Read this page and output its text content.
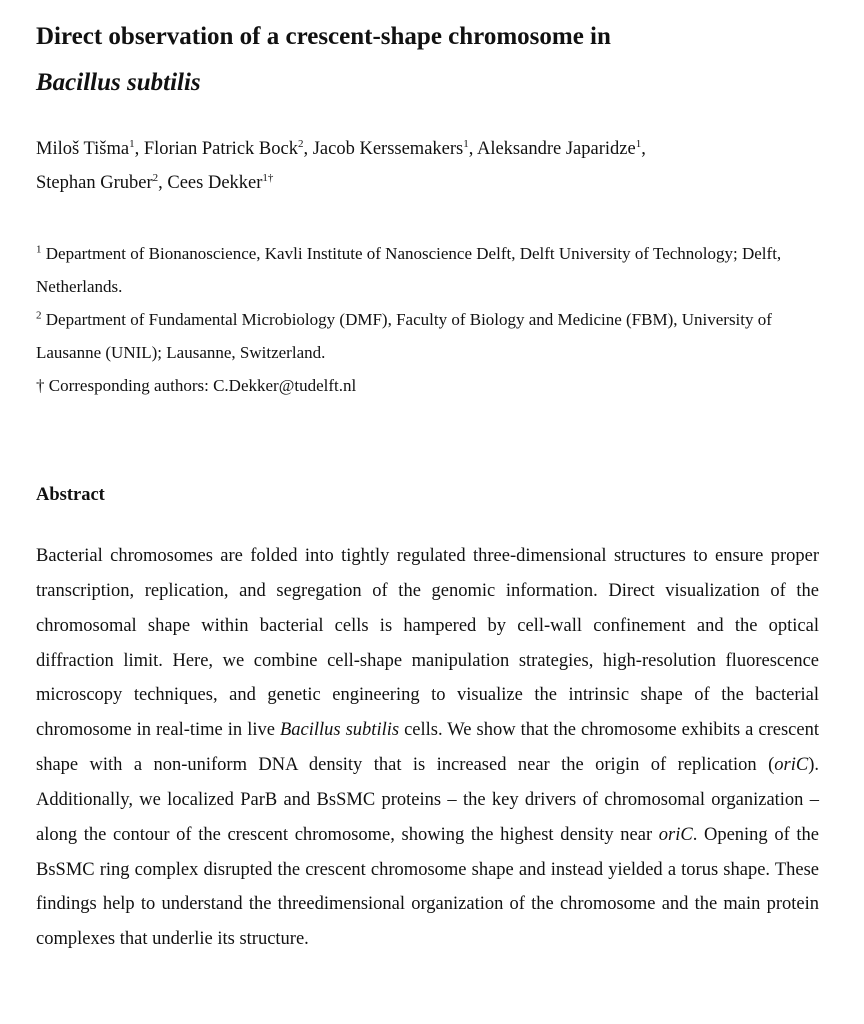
Direct observation of a crescent-shape chromosome in
Bacillus subtilis

Miloš Tišma$^1$, Florian Patrick Bock$^2$, Jacob Kerssemakers$^1$, Aleksandre Japaridze$^1$,
Stephan Gruber$^2$, Cees Dekker$^{1\dagger}$

$^1$ Department of Bionanoscience, Kavli Institute of Nanoscience Delft, Delft University of Technology; Delft, Netherlands.
$^2$ Department of Fundamental Microbiology (DMF), Faculty of Biology and Medicine (FBM), University of Lausanne (UNIL); Lausanne, Switzerland.
† Corresponding authors: C.Dekker@tudelft.nl
Abstract

Bacterial chromosomes are folded into tightly regulated three-dimensional structures to ensure proper transcription, replication, and segregation of the genomic information. Direct visualization of the chromosomal shape within bacterial cells is hampered by cell-wall confinement and the optical diffraction limit. Here, we combine cell-shape manipulation strategies, high-resolution fluorescence microscopy techniques, and genetic engineering to visualize the intrinsic shape of the bacterial chromosome in real-time in live Bacillus subtilis cells. We show that the chromosome exhibits a crescent shape with a non-uniform DNA density that is increased near the origin of replication (oriC). Additionally, we localized ParB and BsSMC proteins – the key drivers of chromosomal organization – along the contour of the crescent chromosome, showing the highest density near oriC. Opening of the BsSMC ring complex disrupted the crescent chromosome shape and instead yielded a torus shape. These findings help to understand the threedimensional organization of the chromosome and the main protein complexes that underlie its structure.
